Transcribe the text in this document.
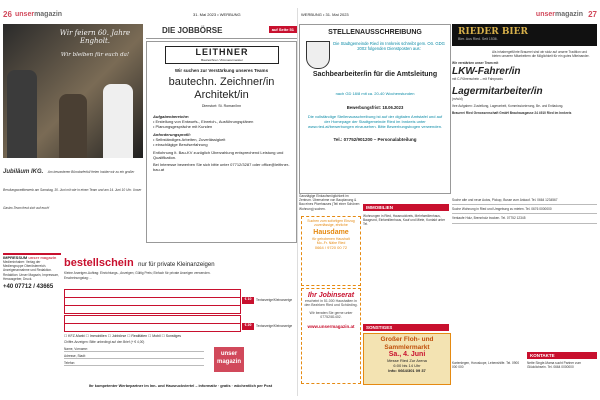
26 unsermagazin	31. Mai 2023 • WERBUNG
Wir feiern 60. Jahre Engholt.
Wir bleiben für euch da!
Jubiläum IKG. Am besonderen Bürodorferfull freien Insider wir zu ein großer Berufungswettbewerb am Samstag, 30. Juni mit wie in einen Team und am 14. Juni 10 Uhr. Unser Gastro-Team freut sich auf euch!
DIE JOBBÖRSE	auf Seite 51
LEITHNER
Bauzeichner / Zimmerermeister
Wir suchen zur Verstärkung unseres Teams
bautechn. Zeichner/in Architekt/in
Dienstort: St. Roman/Inn
Aufgabenbereiche:
• Erstellung von Entwurfs-, Einreich-, Ausführungsplänen
• Planungsgespräche mit Kunden
Anforderungsprofil:
• Selbständiges Arbeiten, Zuverlässigkeit
• einschlägige Berufserfahrung
Entlohnung lt. Bau-KV zuzüglich Überzahlung entsprechend Leistung und Qualifikation.
Bei Interesse bewerben Sie sich bitte unter 07712/3287 oder office@leithner-bau.at
IMPRESSUM unser magazin
Medieninhaber: Verlag der Mediengruppe Oberösterreich. Anzeigenannahme und Redaktion. Redaktion: Unser Magazin, Impressum, Herausgeber, Druck.
+40 07712 / 43665
bestellschein nur für private Kleinanzeigen
Kleine Anzeigen-Auftrag: Einrichtungs-, Anzeigen; Gültig Preis; Einfach für private Anzeigen verwenden.
Erscheinungstag: ...
€ 10	Textanzeige/Kleinanzeige
€ 20	Textanzeige/Kleinanzeige
☐ KFZ-Markt ☐ Immobilien ☐ Jobbörse ☐ Realitäten ☐ Mobil ☐ Sonstiges
Chiffre-Anzeigen: Bitte unbedingt auf den Brief (+ € 4,00)
Name, Vorname:
Adresse, Stadt:
Telefon:
unser
magazin
Ihr kompetenter Werbepartner im Inn- und Hausruckviertel – informativ · gratis · wöchentlich per Post
WERBUNG • 31. Mai 2023	unsermagazin 27
STELLENAUSSCHREIBUNG
Die Stadtgemeinde Ried im Innkreis schreibt gem. Oö. GDG 2002 folgenden Dienstposten aus:
Sachbearbeiter/in für die Amtsleitung
nach GD 18/8 mit ca. 20-40 Wochenstunden
Bewerbungsfrist: 18.06.2023
Die vollständige Stellenausschreibung ist auf der digitalen Amtstafel und auf der Homepage der Stadtgemeinde Ried im Innkreis unter www.ried.at/bewerbungen einzusehen. Bitte Bewerbungsbogen verwenden.
Tel.: 07752/901200 – Personalabteilung
Ganztägige Einkaufsmöglichkeit im Zentrum. Übernahme von Bauplanung & Bau eines Pfarrhauses (Teil einer Schönen Wohnung) suchen.	IMMOBILIEN
Wohnungen in Ried, Hausruckkreis, Mehrfamilienhaus, Baugrund, Einfamilienhaus, Kauf und Miete, Kontakt unter Tel.
Suchen zum sofortigen Einzug zuverlässige, ehrliche
Hausdame
für gehobenen Haushalt
Mo.-Fr. Nähe Ried
0664 / 9720 00 72
Ihr Jobinserat
erscheint in 51.000 Haushalten in den Bezirken Ried und Schärding.
Wir beraten Sie gerne unter 07752/81402.
www.unsermagazin.at	SONSTIGES
Großer Floh- und Sammlermarkt
Sa., 4. Juni
Messe Ried Zur Arena
6:00 bis 14 Uhr
Info: 0664/301 09 37
RIEDER BIER
Bier. Aus Ried. Seit 1536.
Als inhabergeführte Brauerei sind wir stolz auf unsere Tradition und bieten unseren Mitarbeitern die Möglichkeit für ein gutes Miteinander.
Wir verstärken unser Team mit
LKW-Fahrer/in
mit C-Führerschein – mit Fahrpraxis
Lagermitarbeiter/in
(m/w/d)
Ihre Aufgaben: Zustellung, Lagerarbeit, Kommissionierung, Be- und Entladung.
Brauerei Ried Genossenschaft GmbH Brauhausgasse 24 4910 Ried im Innkreis
Suche alte und neue Autos, Pickup, Busse zum Ankauf. Tel. 0664 1234567
Suche Wohnung in Ried und Umgebung zu mieten. Tel. 0676 0000000
Verkaufe Holz, Brennholz trocken. Tel. 07752 12345
KONTAKTE
Nette Single-Mama sucht Partner zum Glücklichsein. Tel. 0664 0000000
Kartenlegen, Horoskope, Lebenshilfe. Tel. 0900 000 000
